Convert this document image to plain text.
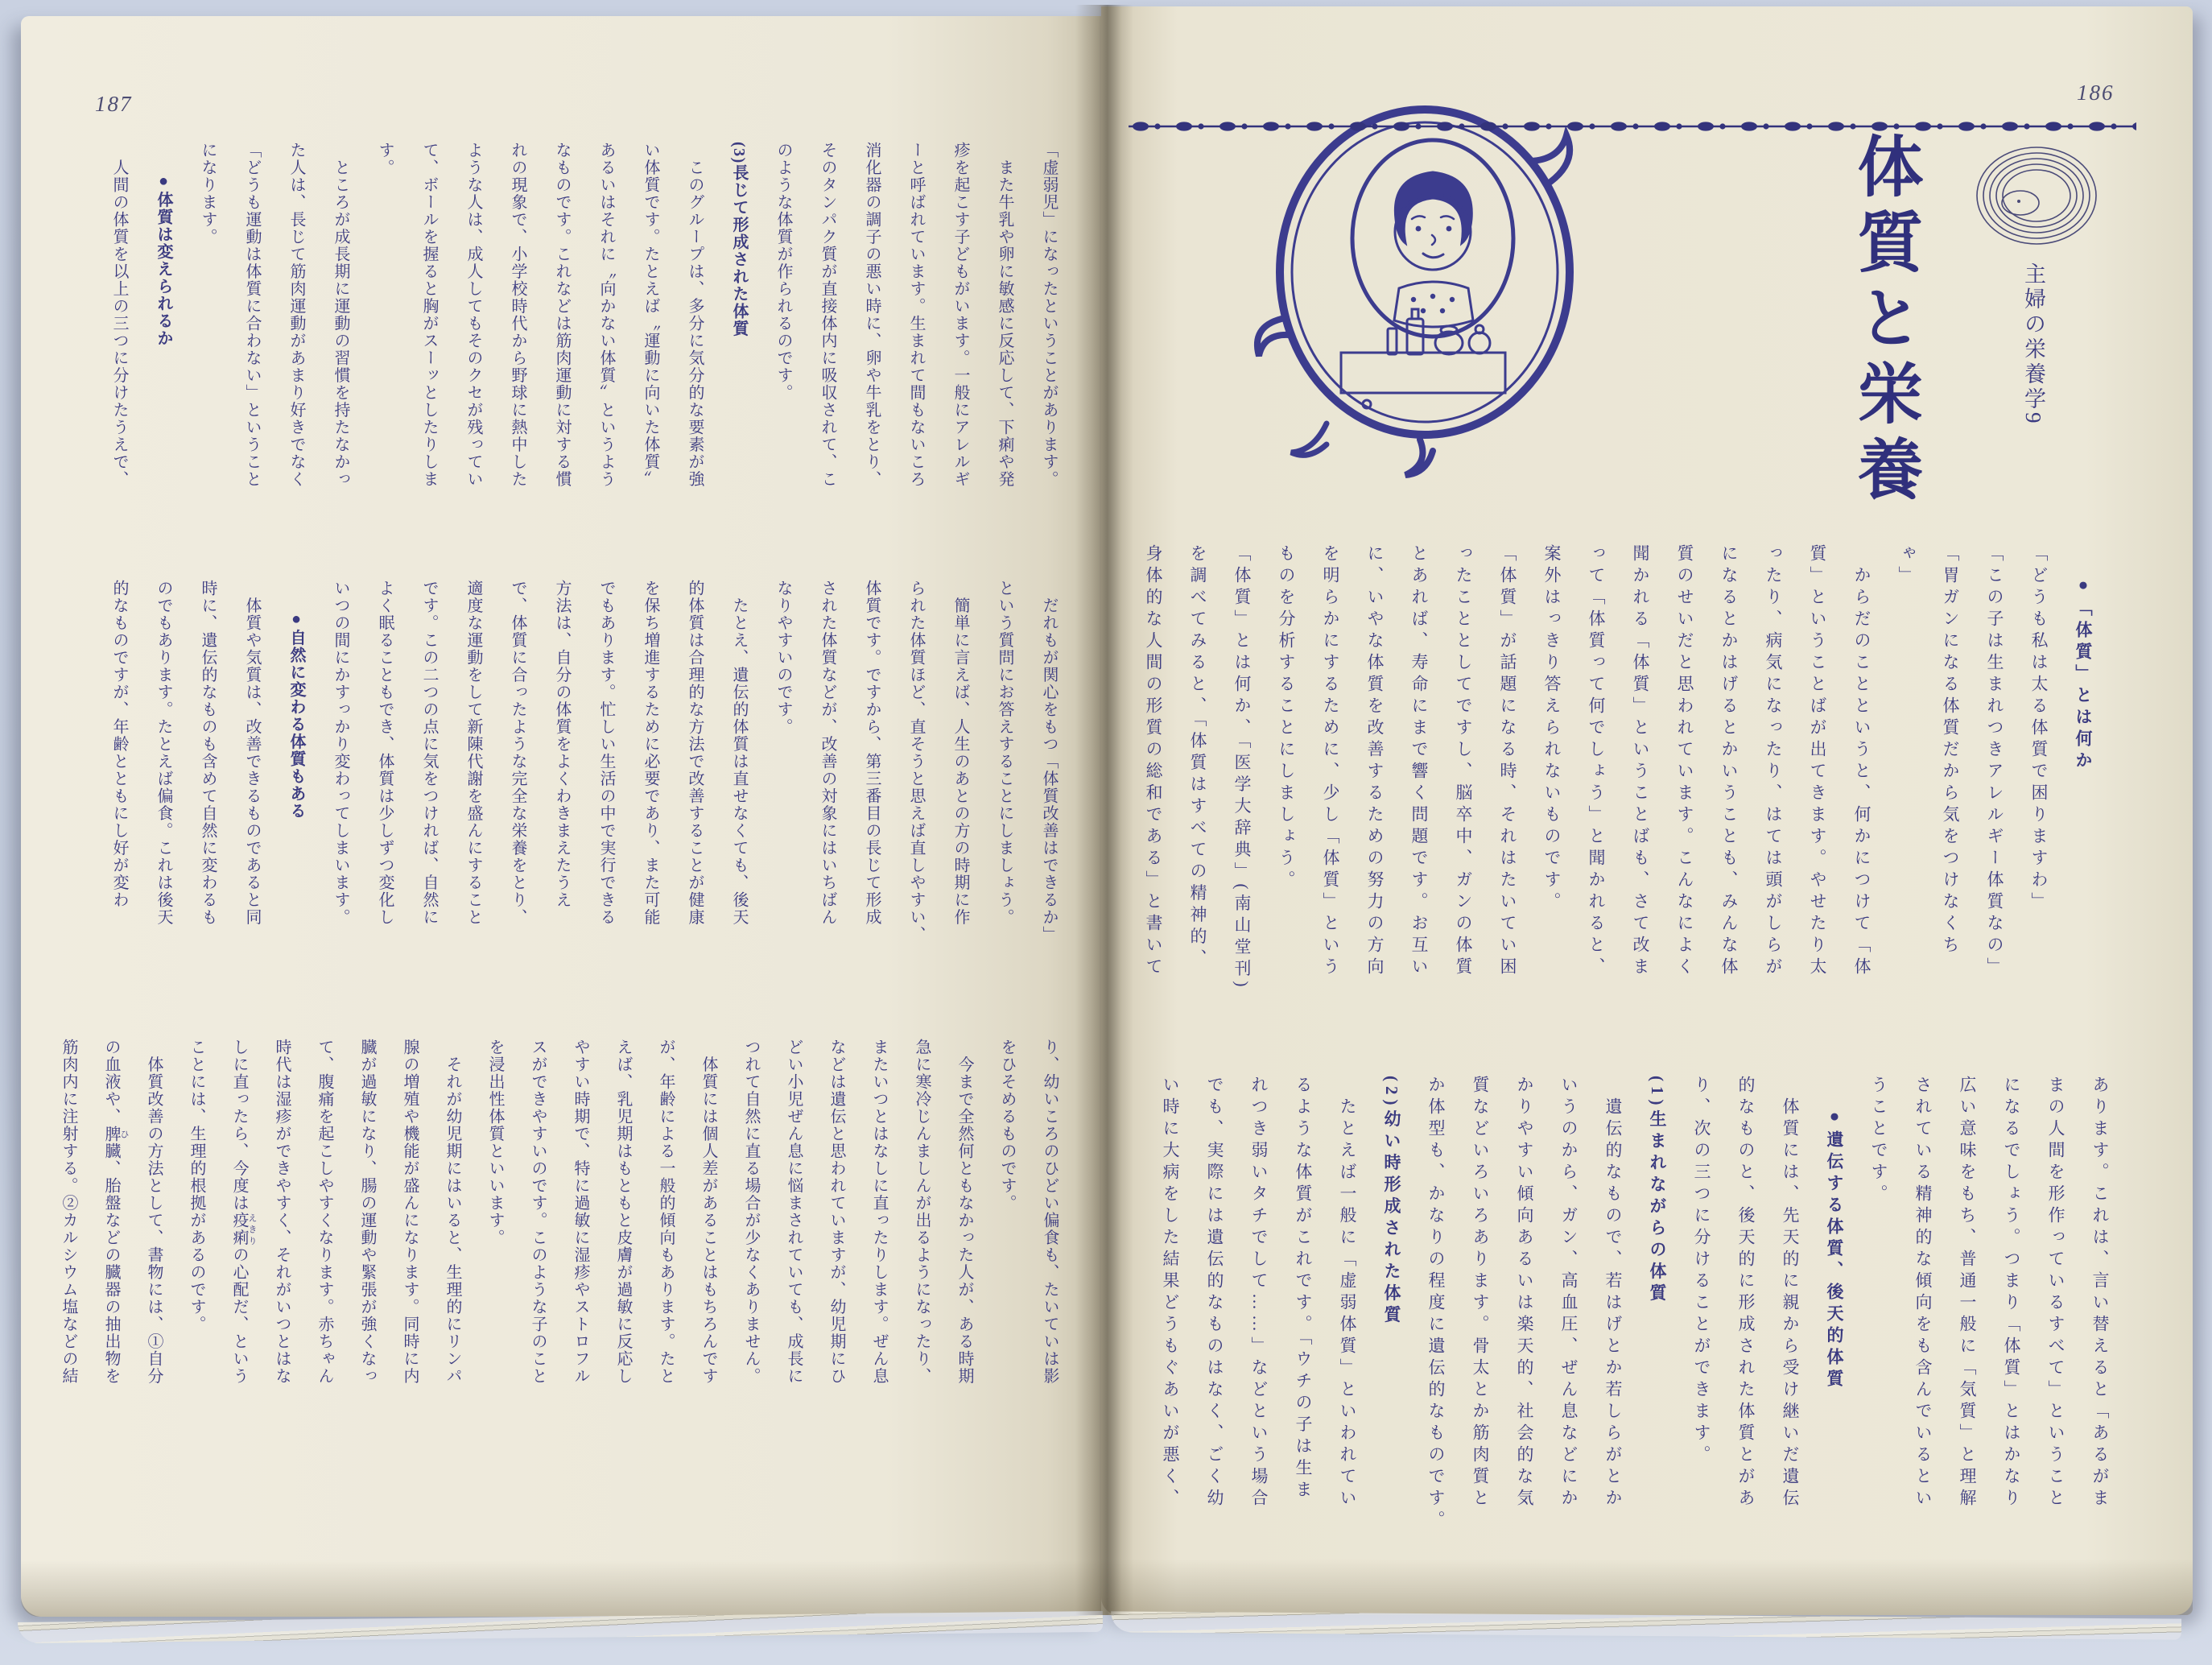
186
187
体質と栄養	主婦の栄養学9
●「体質」とは何か
「どうも私は太る体質で困りますわ」
「この子は生まれつきアレルギー体質なの」
「胃ガンになる体質だから気をつけなくち
ゃ」
　からだのことというと、何かにつけて「体
質」ということばが出てきます。やせたり太
ったり、病気になったり、はては頭がしらが
になるとかはげるとかいうことも、みんな体
質のせいだと思われています。こんなによく
聞かれる「体質」ということばも、さて改ま
って「体質って何でしょう」と聞かれると、
案外はっきり答えられないものです。
「体質」が話題になる時、それはたいてい困
ったこととしてですし、脳卒中、ガンの体質
とあれば、寿命にまで響く問題です。お互い
に、いやな体質を改善するための努力の方向
を明らかにするために、少し「体質」という
ものを分析することにしましょう。
「体質」とは何か、「医学大辞典」(南山堂刊)
を調べてみると、「体質はすべての精神的、
身体的な人間の形質の総和である」と書いて
あります。これは、言い替えると「あるがま
まの人間を形作っているすべて」ということ
になるでしょう。つまり「体質」とはかなり
広い意味をもち、普通一般に「気質」と理解
されている精神的な傾向をも含んでいるとい
うことです。
●遺伝する体質、後天的体質
　体質には、先天的に親から受け継いだ遺伝
的なものと、後天的に形成された体質とがあ
り、次の三つに分けることができます。
(1)生まれながらの体質
　遺伝的なもので、若はげとか若しらがとか
いうのから、ガン、高血圧、ぜん息などにか
かりやすい傾向あるいは楽天的、社会的な気
質などいろいろあります。骨太とか筋肉質と
か体型も、かなりの程度に遺伝的なものです。
(2)幼い時形成された体質
　たとえば一般に「虚弱体質」といわれてい
るような体質がこれです。「ウチの子は生ま
れつき弱いタチでして……」などという場合
でも、実際には遺伝的なものはなく、ごく幼
い時に大病をした結果どうもぐあいが悪く、
「虚弱児」になったということがあります。
　また牛乳や卵に敏感に反応して、下痢や発
疹を起こす子どもがいます。一般にアレルギ
ーと呼ばれています。生まれて間もないころ
消化器の調子の悪い時に、卵や牛乳をとり、
そのタンパク質が直接体内に吸収されて、こ
のような体質が作られるのです。
(3)長じて形成された体質
　このグループは、多分に気分的な要素が強
い体質です。たとえば〝運動に向いた体質〟
あるいはそれに〝向かない体質〟というよう
なものです。これなどは筋肉運動に対する慣
れの現象で、小学校時代から野球に熱中した
ような人は、成人してもそのクセが残ってい
て、ボールを握ると胸がスーッとしたりしま
す。
　ところが成長期に運動の習慣を持たなかっ
た人は、長じて筋肉運動があまり好きでなく
「どうも運動は体質に合わない」ということ
になります。
●体質は変えられるか
　人間の体質を以上の三つに分けたうえで、
　だれもが関心をもつ「体質改善はできるか」
という質問にお答えすることにしましょう。
　簡単に言えば、人生のあとの方の時期に作
られた体質ほど、直そうと思えば直しやすい、
体質です。ですから、第三番目の長じて形成
された体質などが、改善の対象にはいちばん
なりやすいのです。
　たとえ、遺伝的体質は直せなくても、後天
的体質は合理的な方法で改善することが健康
を保ち増進するために必要であり、また可能
でもあります。忙しい生活の中で実行できる
方法は、自分の体質をよくわきまえたうえ
で、体質に合ったような完全な栄養をとり、
適度な運動をして新陳代謝を盛んにすること
です。この二つの点に気をつければ、自然に
よく眠ることもでき、体質は少しずつ変化し
いつの間にかすっかり変わってしまいます。
●自然に変わる体質もある
　体質や気質は、改善できるものであると同
時に、遺伝的なものも含めて自然に変わるも
のでもあります。たとえば偏食。これは後天
的なものですが、年齢とともにし好が変わ
り、幼いころのひどい偏食も、たいていは影
をひそめるものです。
　今まで全然何ともなかった人が、ある時期
急に寒冷じんましんが出るようになったり、
またいつとはなしに直ったりします。ぜん息
などは遺伝と思われていますが、幼児期にひ
どい小児ぜん息に悩まされていても、成長に
つれて自然に直る場合が少なくありません。
　体質には個人差があることはもちろんです
が、年齢による一般的傾向もあります。たと
えば、乳児期はもともと皮膚が過敏に反応し
やすい時期で、特に過敏に湿疹やストロフル
スができやすいのです。このような子のこと
を浸出性体質といいます。
　それが幼児期にはいると、生理的にリンパ
腺の増殖や機能が盛んになります。同時に内
臓が過敏になり、腸の運動や緊張が強くなっ
て、腹痛を起こしやすくなります。赤ちゃん
時代は湿疹ができやすく、それがいつとはな
しに直ったら、今度は疫痢 えきりの心配だ、という
ことには、生理的根拠があるのです。
　体質改善の方法として、書物には、①自分
の血液や、脾 ひ臓、胎盤などの臓器の抽出物を
筋肉内に注射する。②カルシウム塩などの結
